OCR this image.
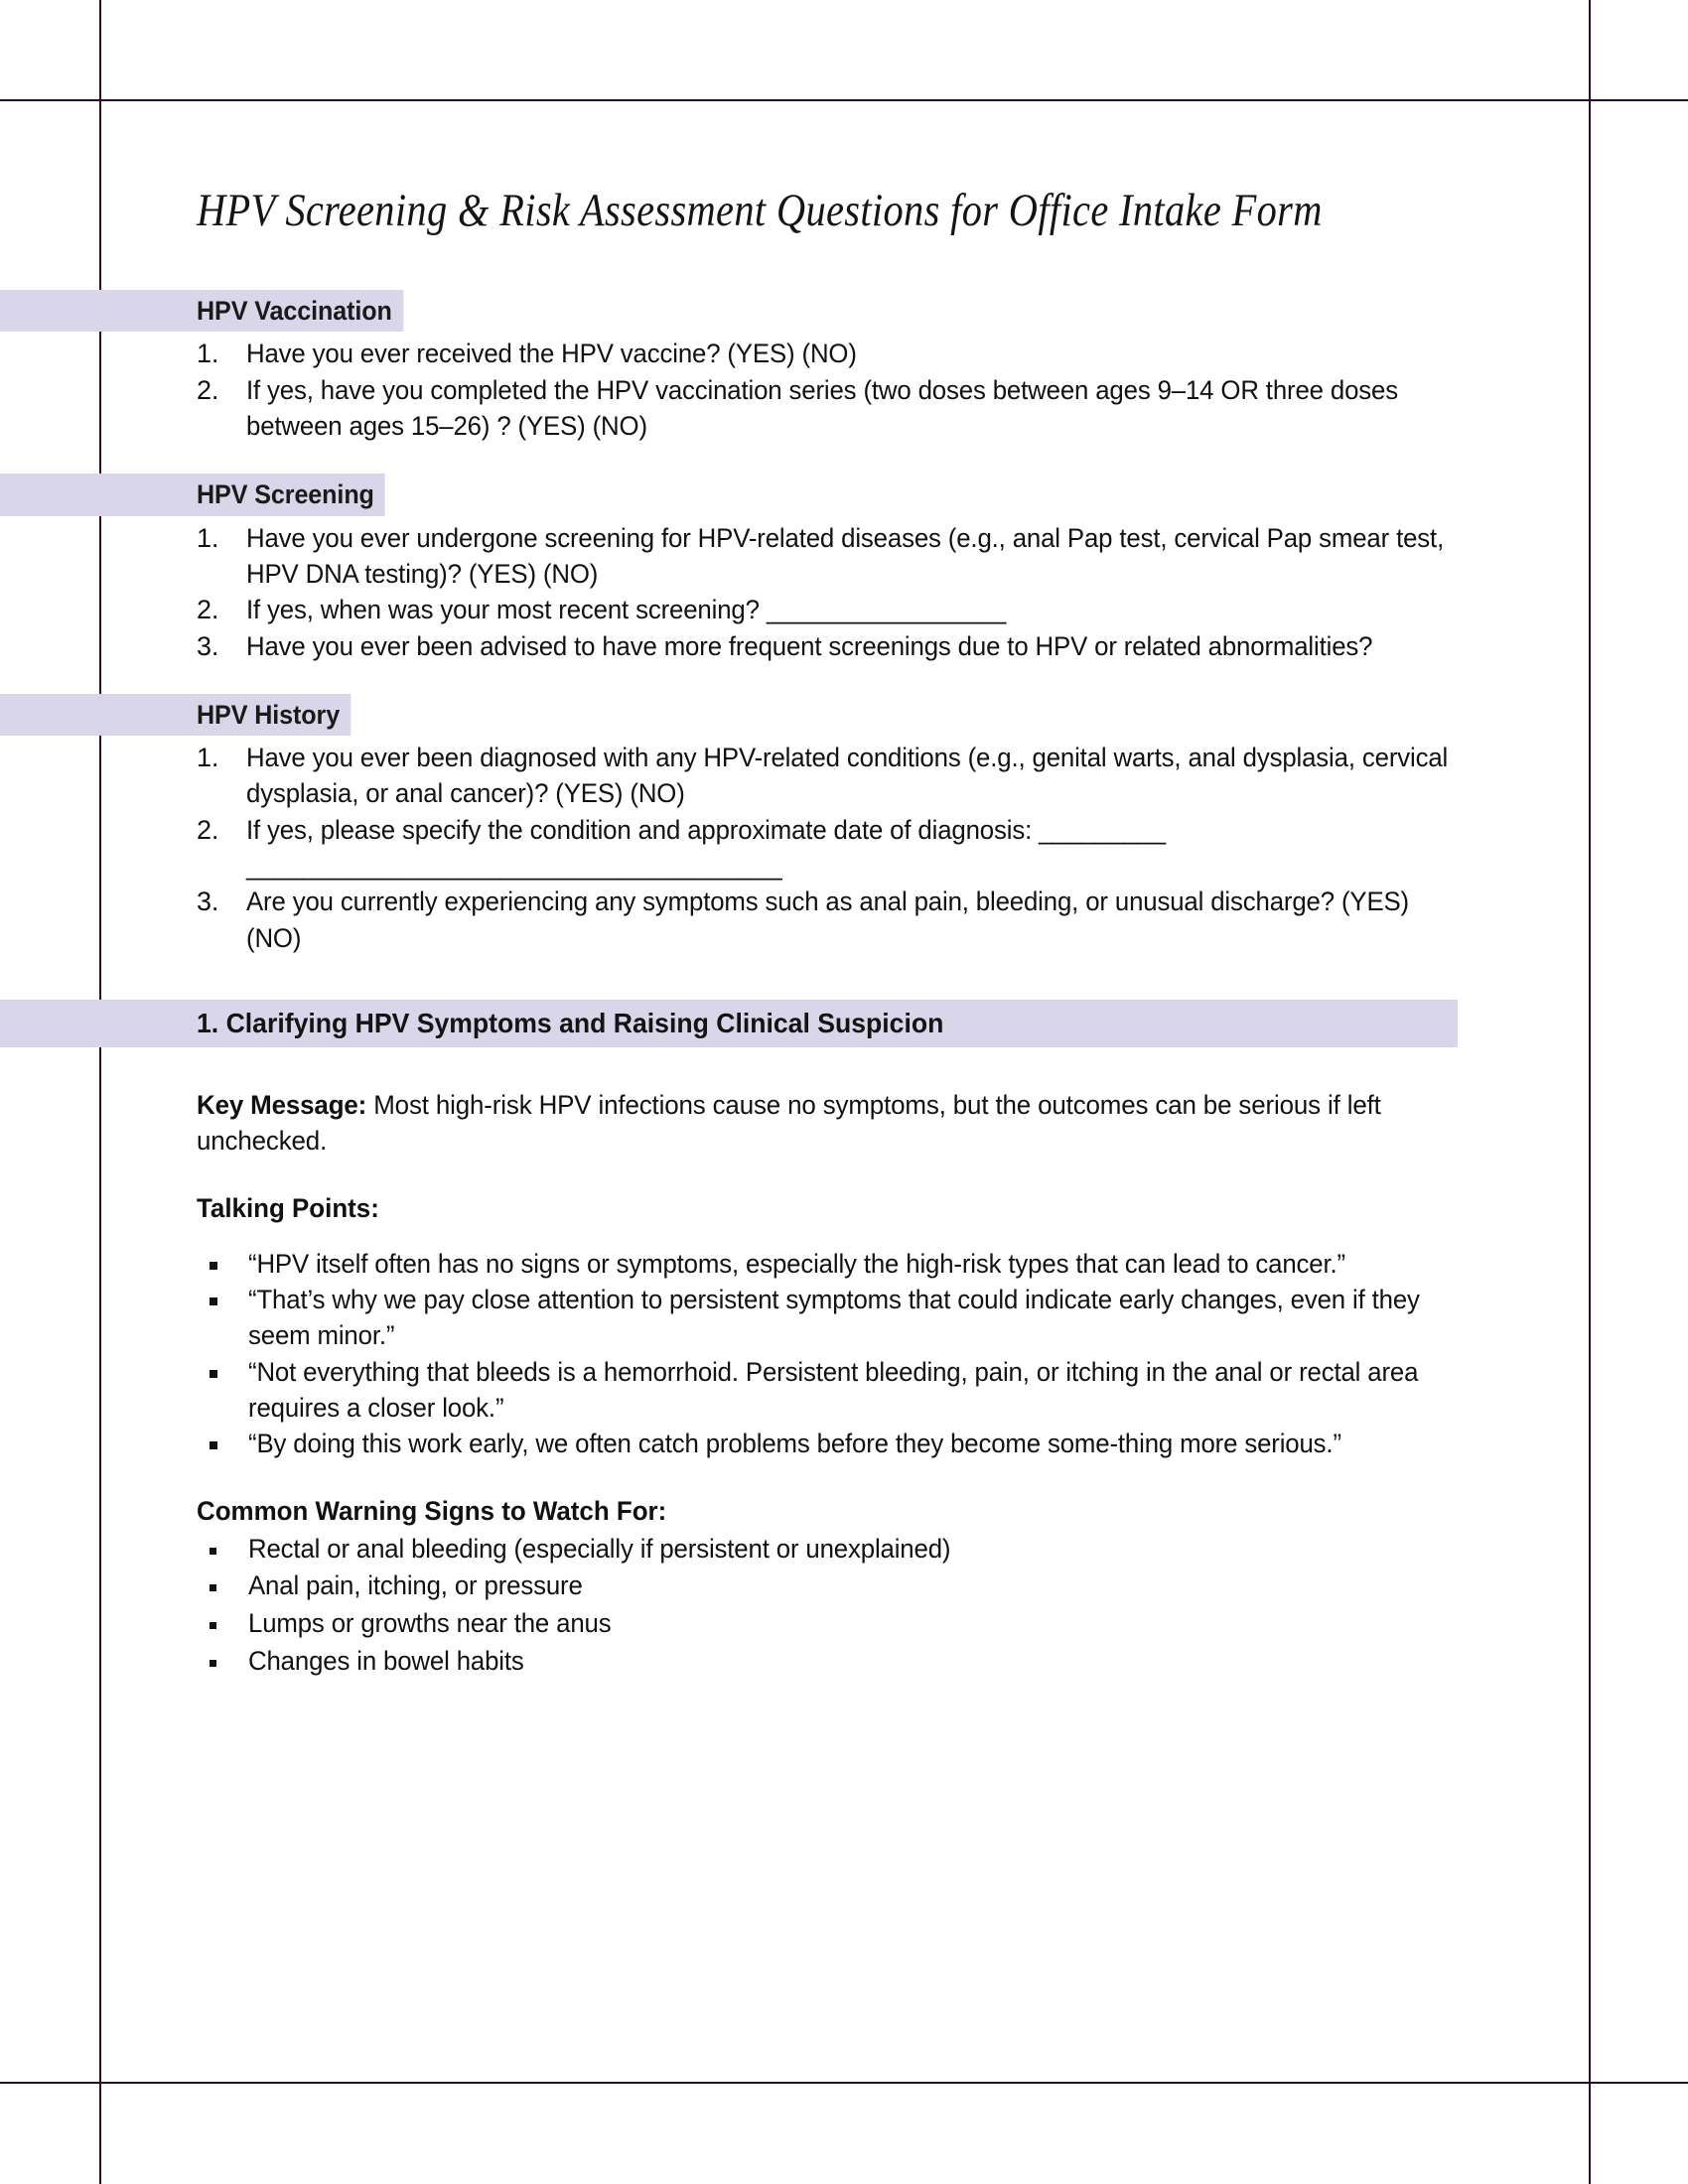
HPV Screening & Risk Assessment Questions for Office Intake Form
HPV Vaccination
1.	Have you ever received the HPV vaccine? (YES) (NO)
2.	If yes, have you completed the HPV vaccination series (two doses between ages 9–14 OR three doses between ages 15–26) ? (YES) (NO)
HPV Screening
1.	Have you ever undergone screening for HPV-related diseases (e.g., anal Pap test, cervical Pap smear test, HPV DNA testing)? (YES) (NO)
2.	If yes, when was your most recent screening? _________________
3.	Have you ever been advised to have more frequent screenings due to HPV or related abnormalities?
HPV History
1.	Have you ever been diagnosed with any HPV-related conditions (e.g., genital warts, anal dysplasia, cervical dysplasia, or anal cancer)? (YES) (NO)
2.	If yes, please specify the condition and approximate date of diagnosis: _________ ______________________________________
3.	Are you currently experiencing any symptoms such as anal pain, bleeding, or unusual discharge? (YES) (NO)
1. Clarifying HPV Symptoms and Raising Clinical Suspicion

Key Message: Most high-risk HPV infections cause no symptoms, but the outcomes can be serious if left unchecked.

Talking Points:

“HPV itself often has no signs or symptoms, especially the high-risk types that can lead to cancer.”
“That’s why we pay close attention to persistent symptoms that could indicate early changes, even if they seem minor.”
“Not everything that bleeds is a hemorrhoid. Persistent bleeding, pain, or itching in the anal or rectal area requires a closer look.”
“By doing this work early, we often catch problems before they become some-thing more serious.”

Common Warning Signs to Watch For:

Rectal or anal bleeding (especially if persistent or unexplained)
Anal pain, itching, or pressure
Lumps or growths near the anus
Changes in bowel habits
